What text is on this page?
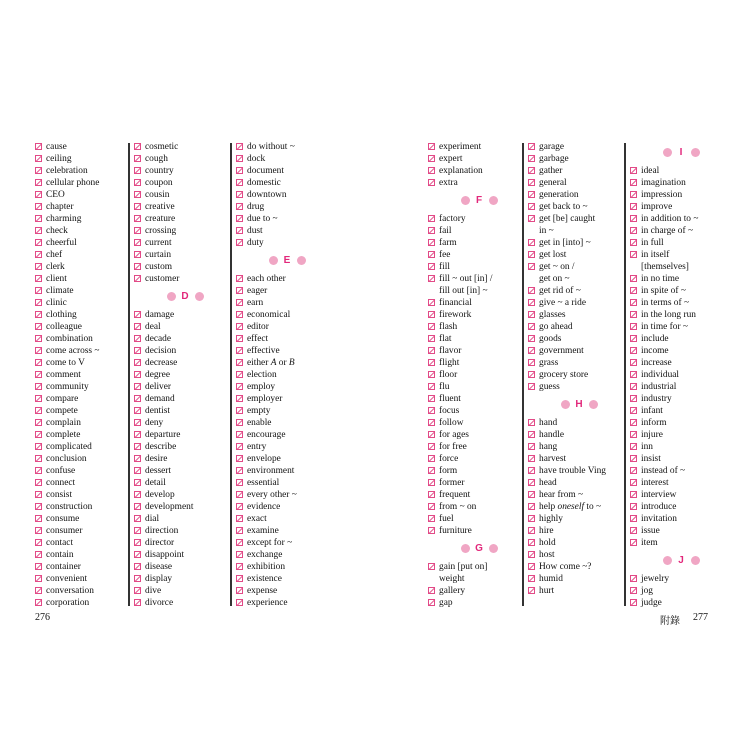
cause
ceiling
celebration
cellular phone
CEO
chapter
charming
check
cheerful
chef
clerk
client
climate
clinic
clothing
colleague
combination
come across ~
come to V
comment
community
compare
compete
complain
complete
complicated
conclusion
confuse
connect
consist
construction
consume
consumer
contact
contain
container
convenient
conversation
corporation
cosmetic
cough
country
coupon
cousin
creative
creature
crossing
current
curtain
custom
customer
D
damage
deal
decade
decision
decrease
degree
deliver
demand
dentist
deny
departure
describe
desire
dessert
detail
develop
development
dial
direction
director
disappoint
disease
display
dive
divorce
do without ~
dock
document
domestic
downtown
drug
due to ~
dust
duty
E
each other
eager
earn
economical
editor
effect
effective
either A or B
election
employ
employer
empty
enable
encourage
entry
envelope
environment
essential
every other ~
evidence
exact
examine
except for ~
exchange
exhibition
existence
expense
experience
experiment
expert
explanation
extra
F
factory
fail
farm
fee
fill
fill ~ out [in] /
fill out [in] ~
financial
firework
flash
flat
flavor
flight
floor
flu
fluent
focus
follow
for ages
for free
force
form
former
frequent
from ~ on
fuel
furniture
G
gain [put on]
weight
gallery
gap
garage
garbage
gather
general
generation
get back to ~
get [be] caught
in ~
get in [into] ~
get lost
get ~ on /
get on ~
get rid of ~
give ~ a ride
glasses
go ahead
goods
government
grass
grocery store
guess
H
hand
handle
hang
harvest
have trouble Ving
head
hear from ~
help oneself to ~
highly
hire
hold
host
How come ~?
humid
hurt
I
ideal
imagination
impression
improve
in addition to ~
in charge of ~
in full
in itself
[themselves]
in no time
in spite of ~
in terms of ~
in the long run
in time for ~
include
income
increase
individual
industrial
industry
infant
inform
injure
inn
insist
instead of ~
interest
interview
introduce
invitation
issue
item
J
jewelry
jog
judge
276	附錄 277
